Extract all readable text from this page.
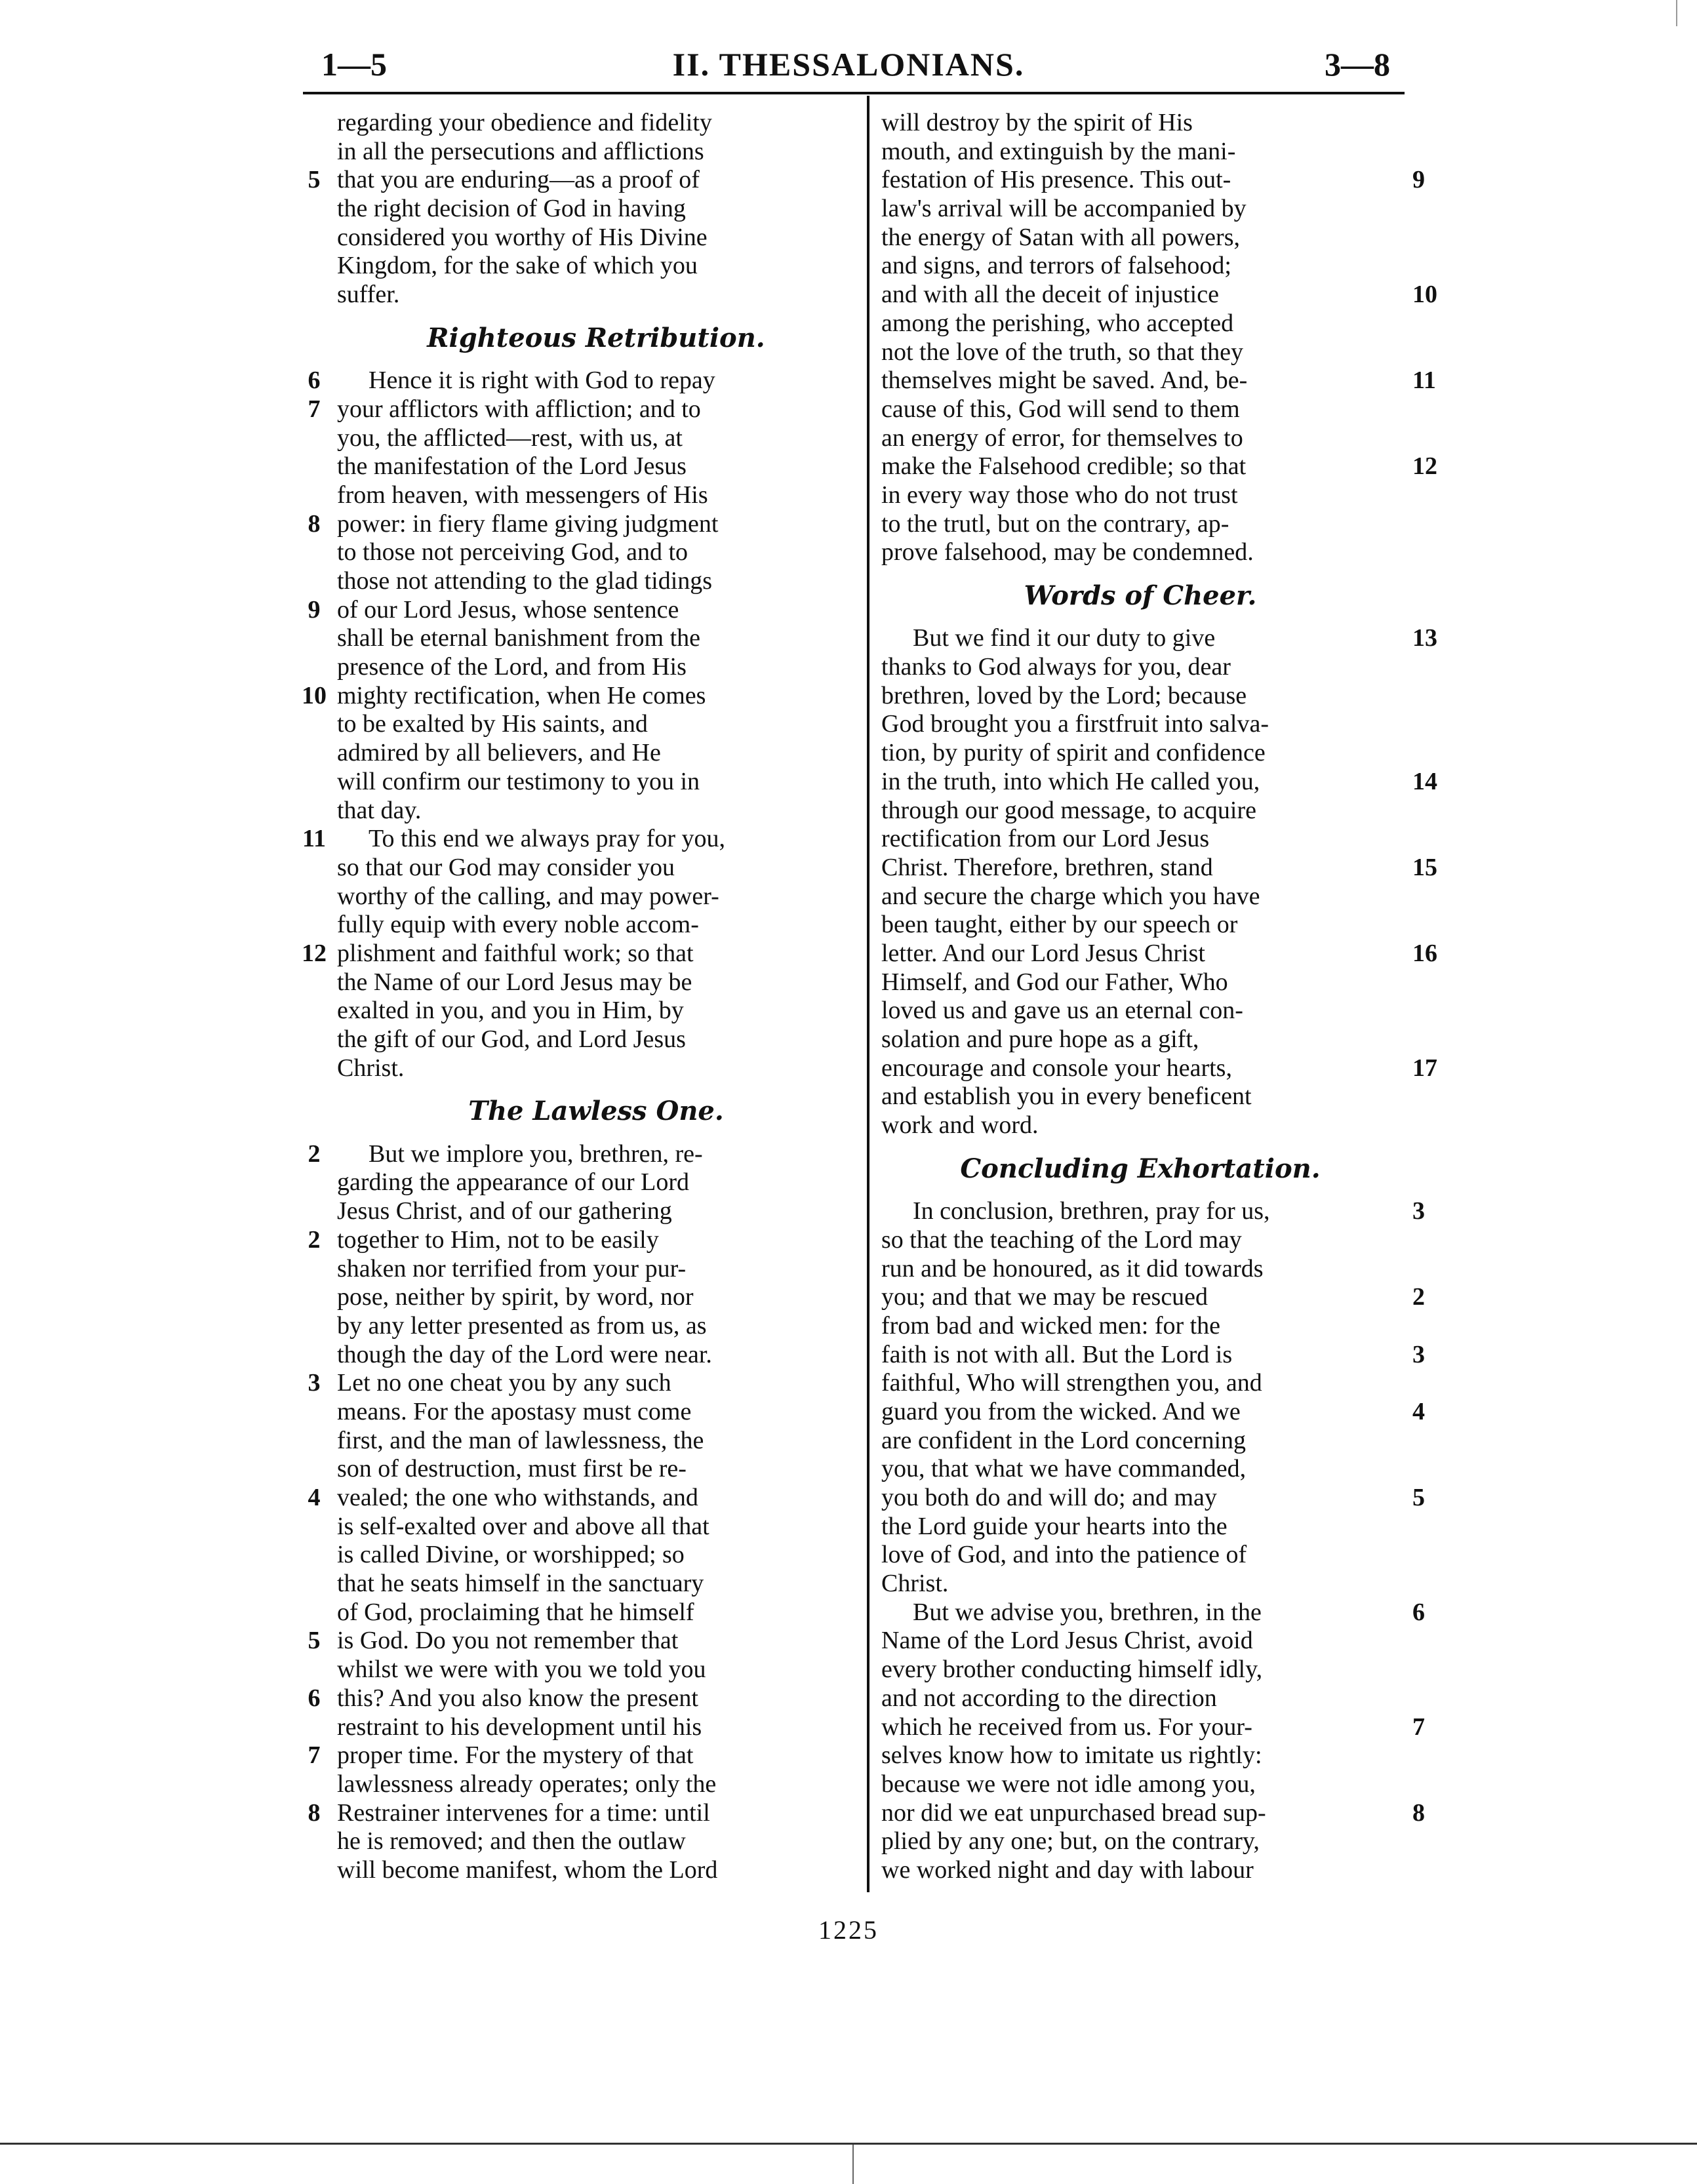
1—5	II. THESSALONIANS.	3—8
regarding your obedience and fidelity
in all the persecutions and afflictions
that you are enduring—as a proof of
5
the right decision of God in having
considered you worthy of His Divine
Kingdom, for the sake of which you
suffer.
Righteous Retribution.
Hence it is right with God to repay
6
your afflictors with affliction; and to
7
you, the afflicted—rest, with us, at
the manifestation of the Lord Jesus
from heaven, with messengers of His
power: in fiery flame giving judgment
8
to those not perceiving God, and to
those not attending to the glad tidings
of our Lord Jesus, whose sentence
9
shall be eternal banishment from the
presence of the Lord, and from His
mighty rectification, when He comes
10
to be exalted by His saints, and
admired by all believers, and He
will confirm our testimony to you in
that day.
To this end we always pray for you,
11
so that our God may consider you
worthy of the calling, and may power-
fully equip with every noble accom-
plishment and faithful work; so that
12
the Name of our Lord Jesus may be
exalted in you, and you in Him, by
the gift of our God, and Lord Jesus
Christ.
The Lawless One.
But we implore you, brethren, re-
2
garding the appearance of our Lord
Jesus Christ, and of our gathering
together to Him, not to be easily
2
shaken nor terrified from your pur-
pose, neither by spirit, by word, nor
by any letter presented as from us, as
though the day of the Lord were near.
Let no one cheat you by any such
3
means. For the apostasy must come
first, and the man of lawlessness, the
son of destruction, must first be re-
vealed; the one who withstands, and
4
is self-exalted over and above all that
is called Divine, or worshipped; so
that he seats himself in the sanctuary
of God, proclaiming that he himself
is God. Do you not remember that
5
whilst we were with you we told you
this? And you also know the present
6
restraint to his development until his
proper time. For the mystery of that
7
lawlessness already operates; only the
Restrainer intervenes for a time: until
8
he is removed; and then the outlaw
will become manifest, whom the Lord
will destroy by the spirit of His
mouth, and extinguish by the mani-
festation of His presence. This out-	9
law's arrival will be accompanied by
the energy of Satan with all powers,
and signs, and terrors of falsehood;
and with all the deceit of injustice	10
among the perishing, who accepted
not the love of the truth, so that they
themselves might be saved. And, be-	11
cause of this, God will send to them
an energy of error, for themselves to
make the Falsehood credible; so that	12
in every way those who do not trust
to the trutl, but on the contrary, ap-
prove falsehood, may be condemned.
Words of Cheer.
But we find it our duty to give	13
thanks to God always for you, dear
brethren, loved by the Lord; because
God brought you a firstfruit into salva-
tion, by purity of spirit and confidence
in the truth, into which He called you,	14
through our good message, to acquire
rectification from our Lord Jesus
Christ. Therefore, brethren, stand	15
and secure the charge which you have
been taught, either by our speech or
letter. And our Lord Jesus Christ	16
Himself, and God our Father, Who
loved us and gave us an eternal con-
solation and pure hope as a gift,
encourage and console your hearts,	17
and establish you in every beneficent
work and word.
Concluding Exhortation.
In conclusion, brethren, pray for us,	3
so that the teaching of the Lord may
run and be honoured, as it did towards
you; and that we may be rescued	2
from bad and wicked men: for the
faith is not with all. But the Lord is	3
faithful, Who will strengthen you, and
guard you from the wicked. And we	4
are confident in the Lord concerning
you, that what we have commanded,
you both do and will do; and may	5
the Lord guide your hearts into the
love of God, and into the patience of
Christ.
But we advise you, brethren, in the	6
Name of the Lord Jesus Christ, avoid
every brother conducting himself idly,
and not according to the direction
which he received from us. For your-	7
selves know how to imitate us rightly:
because we were not idle among you,
nor did we eat unpurchased bread sup-	8
plied by any one; but, on the contrary,
we worked night and day with labour
1225
